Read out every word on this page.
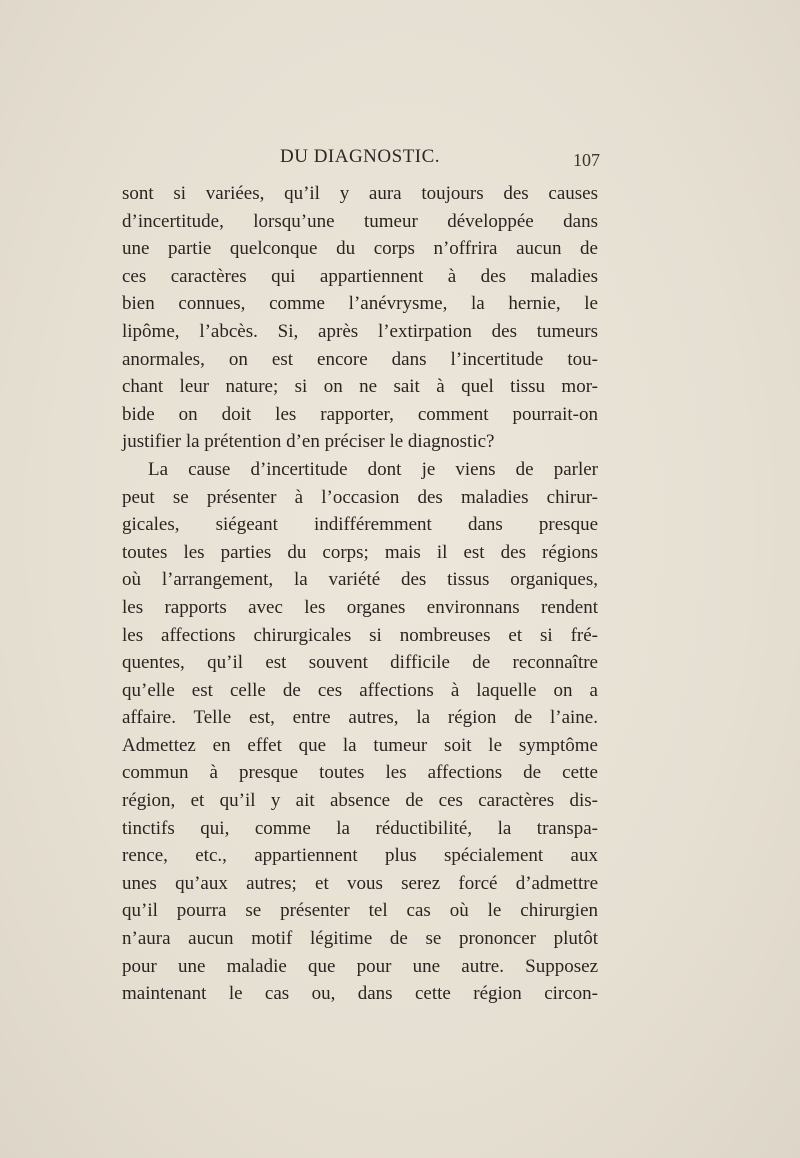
DU DIAGNOSTIC.	107
sont si variées, qu’il y aura toujours des causes
d’incertitude, lorsqu’une tumeur développée dans
une partie quelconque du corps n’offrira aucun de
ces caractères qui appartiennent à des maladies
bien connues, comme l’anévrysme, la hernie, le
lipôme, l’abcès. Si, après l’extirpation des tumeurs
anormales, on est encore dans l’incertitude tou-
chant leur nature; si on ne sait à quel tissu mor-
bide on doit les rapporter, comment pourrait-on
justifier la prétention d’en préciser le diagnostic?
La cause d’incertitude dont je viens de parler
peut se présenter à l’occasion des maladies chirur-
gicales, siégeant indifféremment dans presque
toutes les parties du corps; mais il est des régions
où l’arrangement, la variété des tissus organiques,
les rapports avec les organes environnans rendent
les affections chirurgicales si nombreuses et si fré-
quentes, qu’il est souvent difficile de reconnaître
qu’elle est celle de ces affections à laquelle on a
affaire. Telle est, entre autres, la région de l’aine.
Admettez en effet que la tumeur soit le symptôme
commun à presque toutes les affections de cette
région, et qu’il y ait absence de ces caractères dis-
tinctifs qui, comme la réductibilité, la transpa-
rence, etc., appartiennent plus spécialement aux
unes qu’aux autres; et vous serez forcé d’admettre
qu’il pourra se présenter tel cas où le chirurgien
n’aura aucun motif légitime de se prononcer plutôt
pour une maladie que pour une autre. Supposez
maintenant le cas ou, dans cette région circon-
